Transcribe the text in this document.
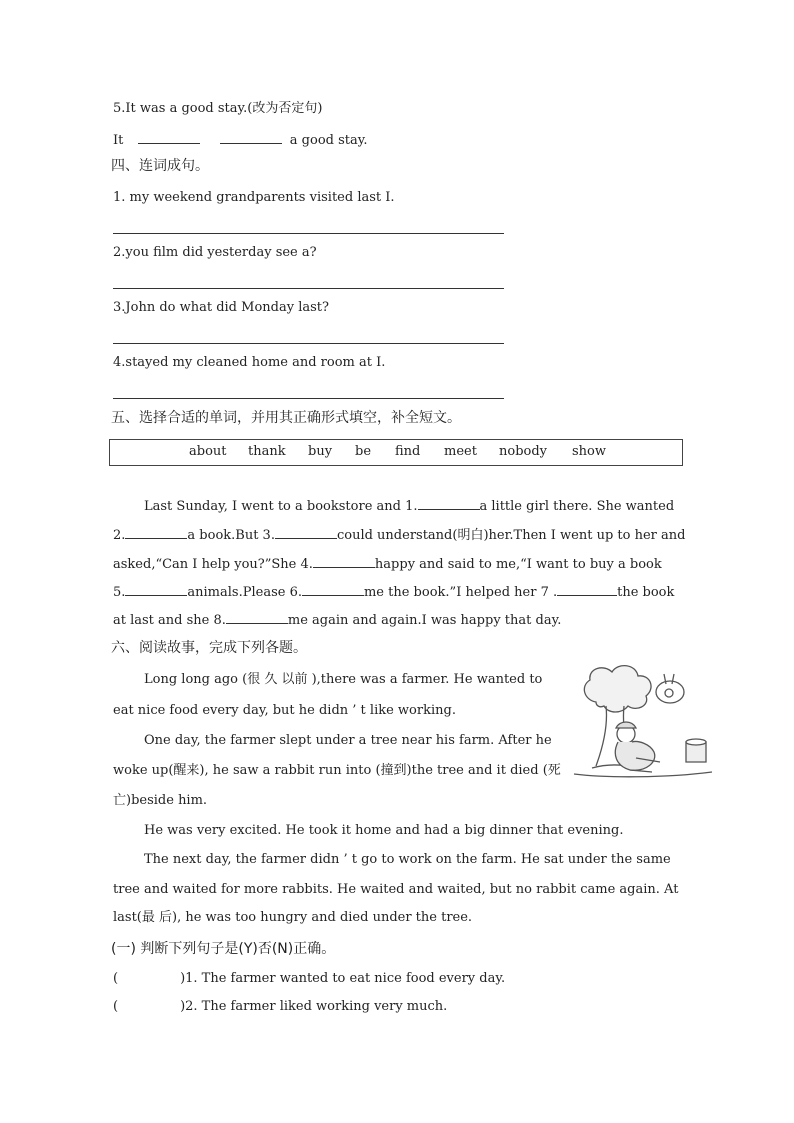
5.It was a good stay.(改为否定句)
It	a good stay.
四、连词成句。
1. my weekend grandparents visited last I.
2.you film did yesterday see a?
3.John do what did Monday last?
4.stayed my cleaned home and room at I.
五、选择合适的单词，并用其正确形式填空，补全短文。
about thank buy be find meet nobody show
Last Sunday, I went to a bookstore and 1.	a little girl there. She wanted
2.	a book.But 3.	could understand(明白)her.Then I went up to her and
asked,“Can I help you?”She 4.	happy and said to me,“I want to buy a book
5.	animals.Please 6.	me the book.”I helped her 7 .	the book
at last and she 8.	me again and again.I was happy that day.
六、阅读故事，完成下列各题。
Long long ago (很 久 以前 ),there was a farmer. He wanted to
eat nice food every day, but he didn ’ t like working.
One day, the farmer slept under a tree near his farm. After he
woke up(醒来), he saw a rabbit run into (撞到)the tree and it died (死
亡)beside him.
He was very excited. He took it home and had a big dinner that evening.
The next day, the farmer didn ’ t go to work on the farm. He sat under the same
tree and waited for more rabbits. He waited and waited, but no rabbit came again. At
last(最 后), he was too hungry and died under the tree.
(一) 判断下列句子是(Y)否(N)正确。
(	)1. The farmer wanted to eat nice food every day.
(	)2. The farmer liked working very much.
